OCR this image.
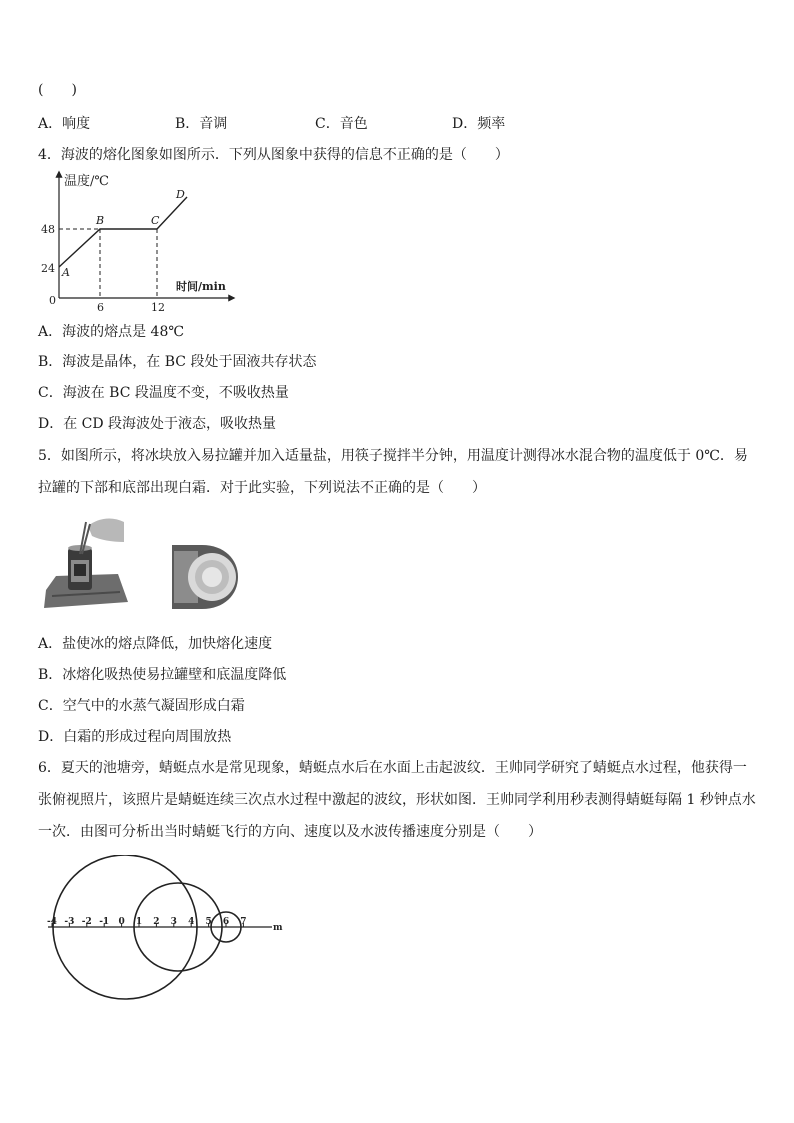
(　　)
A．响度	B．音调	C．音色	D．频率
4．海波的熔化图象如图所示．下列从图象中获得的信息不正确的是（　　）
温度/℃
时间/min
48
24
0
6	12
A
B	C
D
A．海波的熔点是 48℃
B．海波是晶体，在 BC 段处于固液共存状态
C．海波在 BC 段温度不变，不吸收热量
D．在 CD 段海波处于液态，吸收热量
5．如图所示，将冰块放入易拉罐并加入适量盐，用筷子搅拌半分钟，用温度计测得冰水混合物的温度低于 0℃．易拉罐的下部和底部出现白霜．对于此实验，下列说法不正确的是（　　）
A．盐使冰的熔点降低，加快熔化速度
B．冰熔化吸热使易拉罐壁和底温度降低
C．空气中的水蒸气凝固形成白霜
D．白霜的形成过程向周围放热
6．夏天的池塘旁，蜻蜓点水是常见现象，蜻蜓点水后在水面上击起波纹．王帅同学研究了蜻蜓点水过程，他获得一张俯视照片，该照片是蜻蜓连续三次点水过程中激起的波纹，形状如图．王帅同学利用秒表测得蜻蜓每隔 1 秒钟点水一次．由图可分析出当时蜻蜓飞行的方向、速度以及水波传播速度分别是（　　）
-4 -3 -2 -1 0 1 2 3 4 5 6 7
m
